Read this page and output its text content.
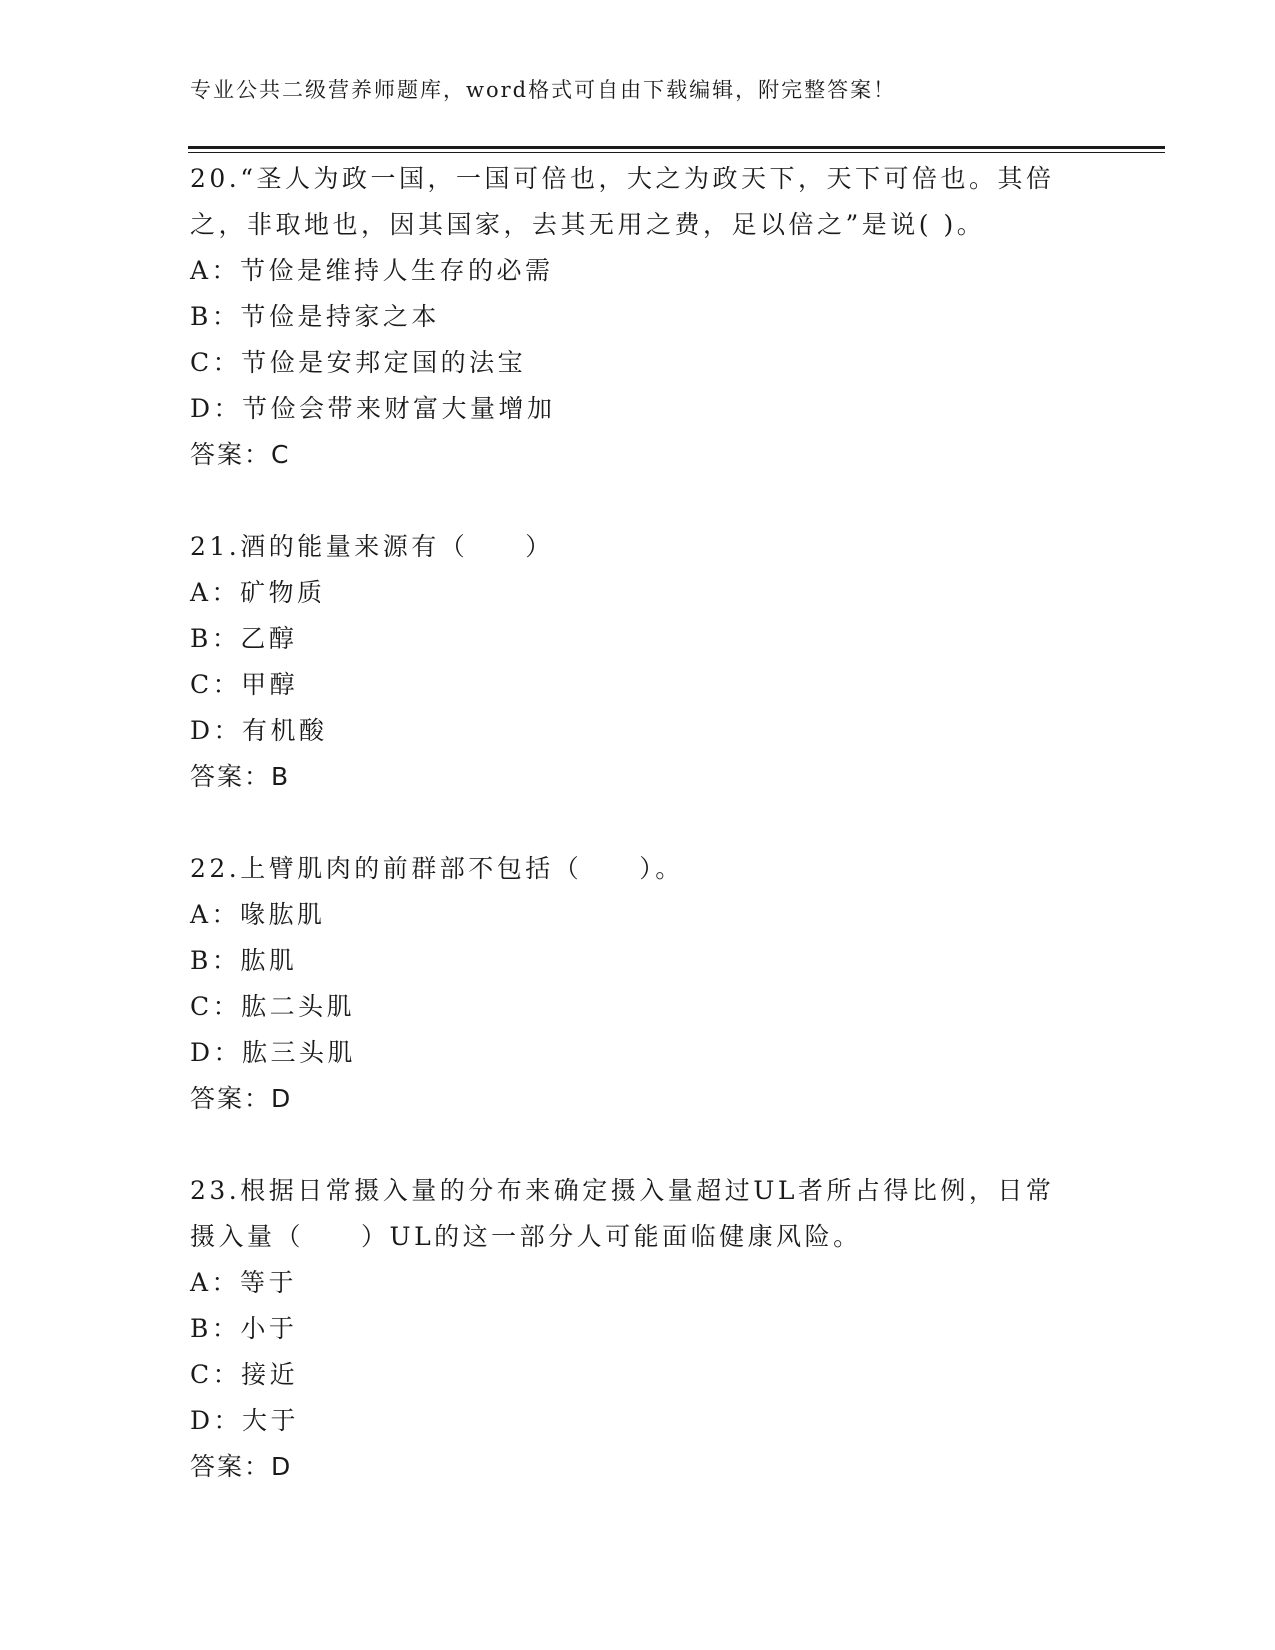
专业公共二级营养师题库，word格式可自由下载编辑，附完整答案！
20.“圣人为政一国，一国可倍也，大之为政天下，天下可倍也。其倍
之，非取地也，因其国家，去其无用之费，足以倍之”是说( )。
A：节俭是维持人生存的必需
B：节俭是持家之本
C：节俭是安邦定国的法宝
D：节俭会带来财富大量增加
答案：C
21.酒的能量来源有（　　）
A：矿物质
B：乙醇
C：甲醇
D：有机酸
答案：B
22.上臂肌肉的前群部不包括（　　）。
A：喙肱肌
B：肱肌
C：肱二头肌
D：肱三头肌
答案：D
23.根据日常摄入量的分布来确定摄入量超过UL者所占得比例，日常
摄入量（　　）UL的这一部分人可能面临健康风险。
A：等于
B：小于
C：接近
D：大于
答案：D
